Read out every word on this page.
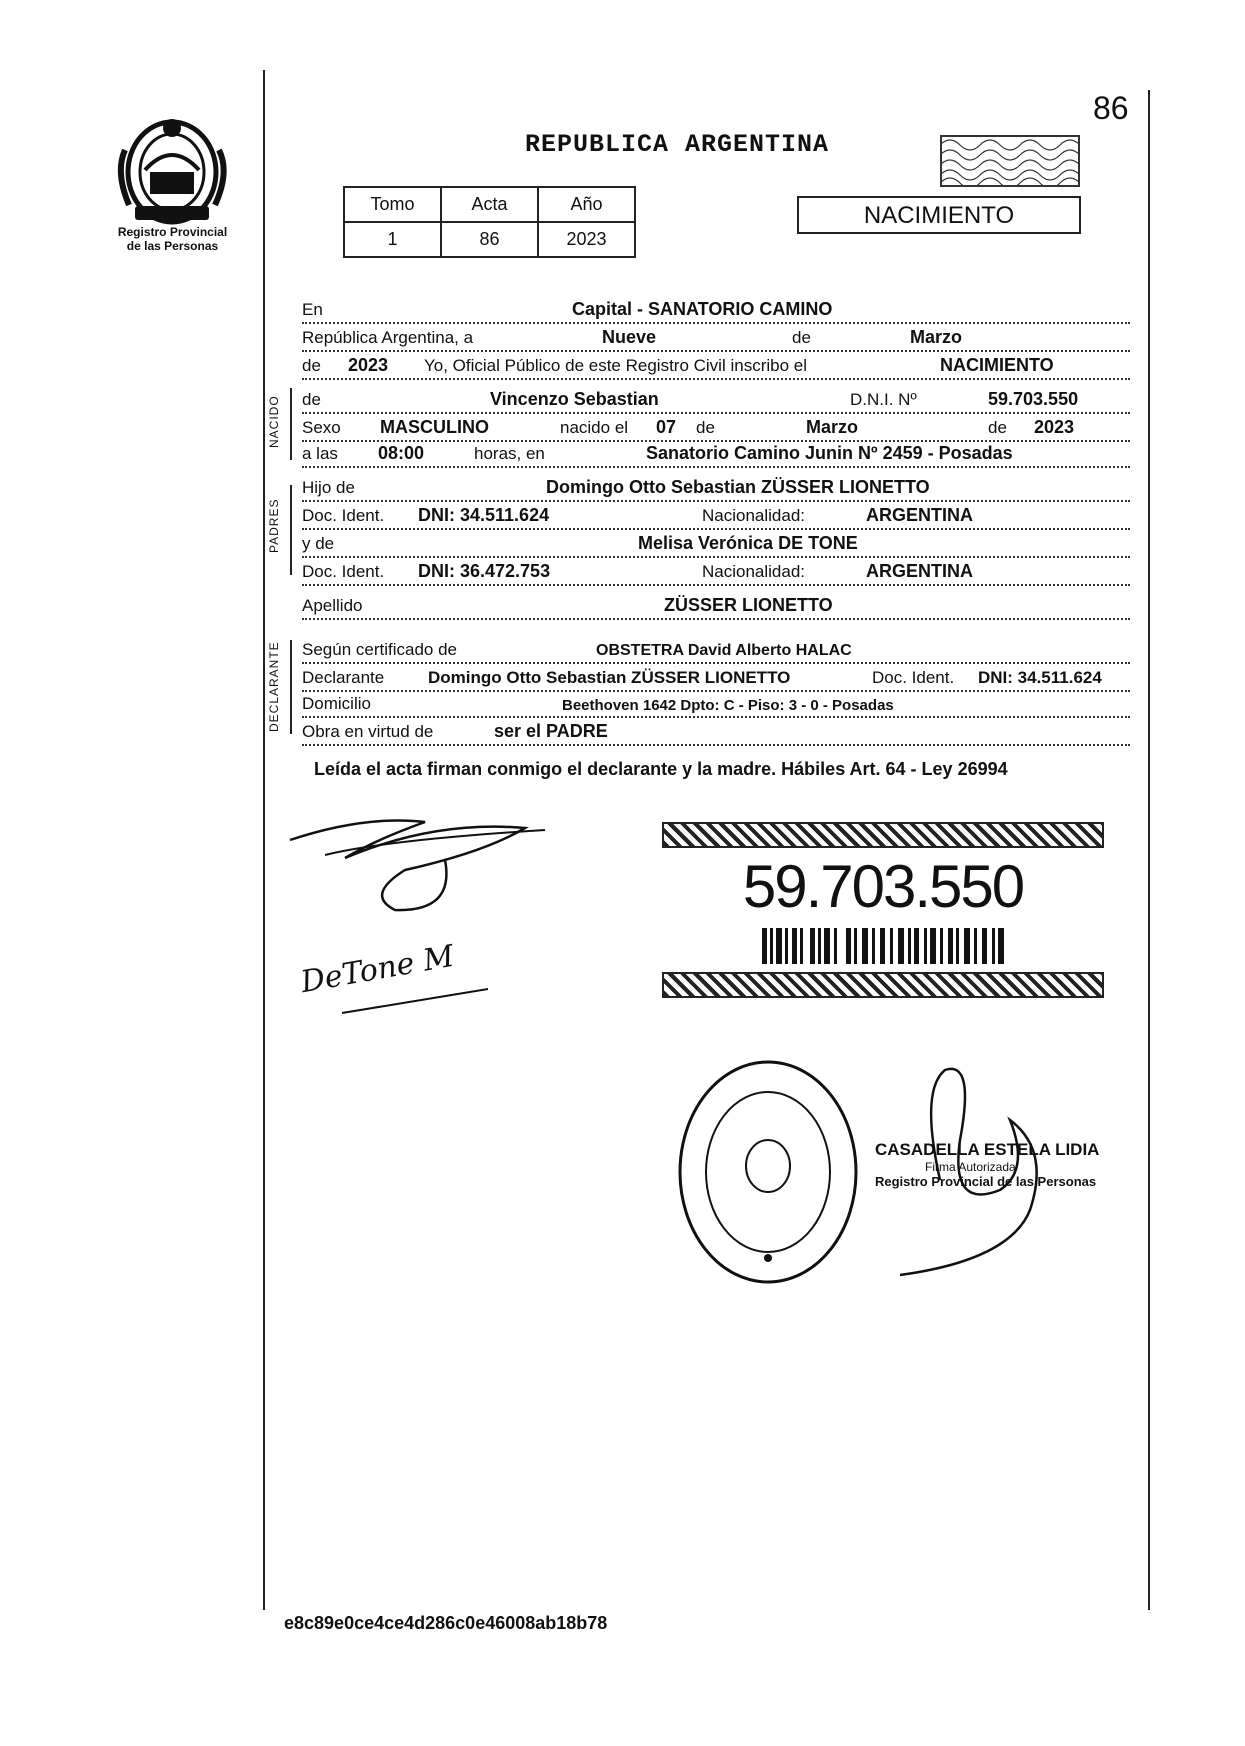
86
REPUBLICA ARGENTINA
Registro Provincial
de las Personas
Tomo	Acta	Año
1	86	2023
NACIMIENTO
NACIDO
PADRES
DECLARANTE
En	Capital - SANATORIO CAMINO
República Argentina, a	Nueve	de	Marzo
de 2023 Yo, Oficial Público de este Registro Civil inscribo el	NACIMIENTO
de	Vincenzo Sebastian	D.N.I. Nº	59.703.550
Sexo MASCULINO	nacido el 07 de	Marzo	de 2023
a las 08:00	horas, en	Sanatorio Camino Junin Nº 2459 - Posadas
Hijo de	Domingo Otto Sebastian ZÜSSER LIONETTO
Doc. Ident. DNI: 34.511.624	Nacionalidad:	ARGENTINA
y de	Melisa Verónica DE TONE
Doc. Ident. DNI: 36.472.753	Nacionalidad:	ARGENTINA
Apellido	ZÜSSER LIONETTO
Según certificado de	OBSTETRA David Alberto HALAC
Declarante	Domingo Otto Sebastian ZÜSSER LIONETTO	Doc. Ident. DNI: 34.511.624
Domicilio	Beethoven 1642 Dpto: C - Piso: 3 - 0 - Posadas
Obra en virtud de	ser el PADRE
Leída el acta firman conmigo el declarante y la madre. Hábiles Art. 64 - Ley 26994
DeTone M
59.703.550
CASADELLA ESTELA LIDIA
Firma Autorizada
Registro Provincial de las Personas
e8c89e0ce4ce4d286c0e46008ab18b78
